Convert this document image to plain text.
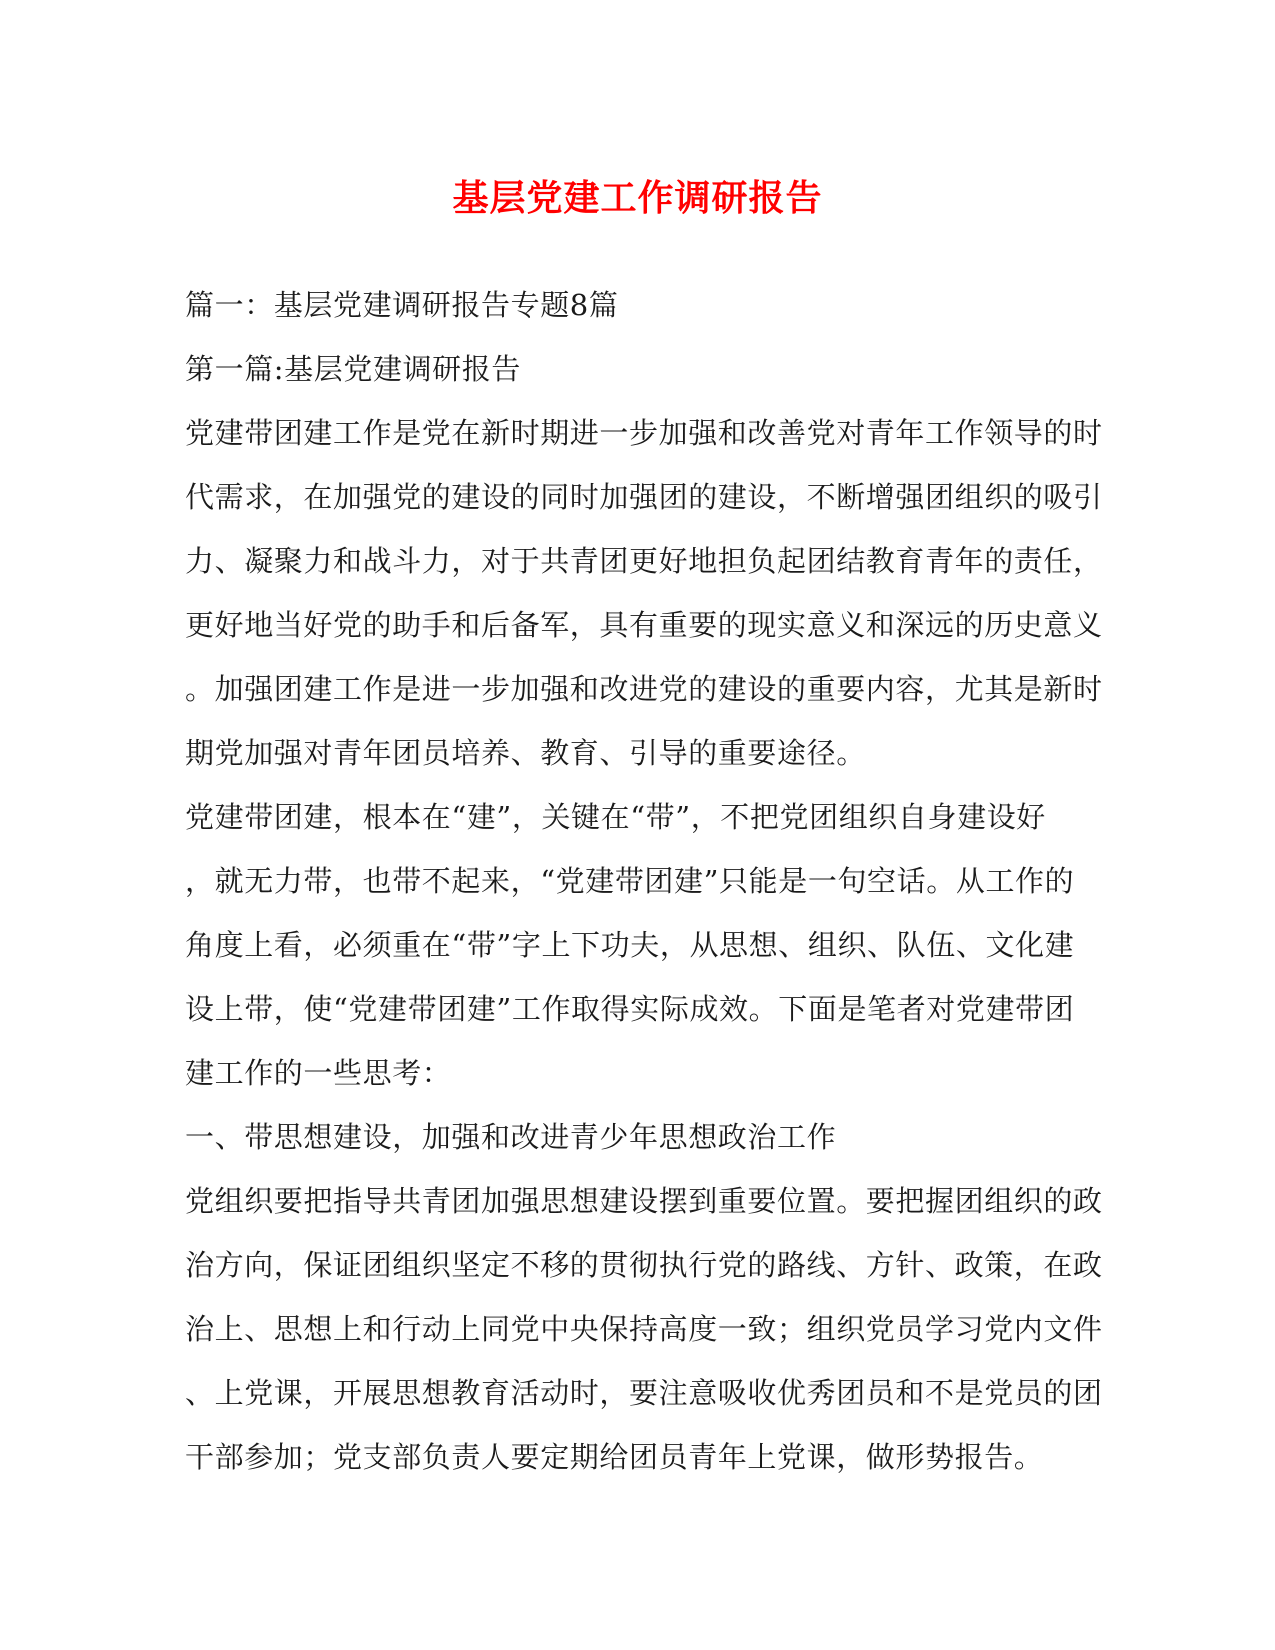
基层党建工作调研报告
篇一：基层党建调研报告专题8篇
第一篇:基层党建调研报告
党建带团建工作是党在新时期进一步加强和改善党对青年工作领导的时
代需求，在加强党的建设的同时加强团的建设，不断增强团组织的吸引
力、凝聚力和战斗力，对于共青团更好地担负起团结教育青年的责任，
更好地当好党的助手和后备军，具有重要的现实意义和深远的历史意义
。加强团建工作是进一步加强和改进党的建设的重要内容，尤其是新时
期党加强对青年团员培养、教育、引导的重要途径。
党建带团建，根本在“建”，关键在“带”，不把党团组织自身建设好
，就无力带，也带不起来，“党建带团建”只能是一句空话。从工作的
角度上看，必须重在“带”字上下功夫，从思想、组织、队伍、文化建
设上带，使“党建带团建”工作取得实际成效。下面是笔者对党建带团
建工作的一些思考：
一、带思想建设，加强和改进青少年思想政治工作
党组织要把指导共青团加强思想建设摆到重要位置。要把握团组织的政
治方向，保证团组织坚定不移的贯彻执行党的路线、方针、政策，在政
治上、思想上和行动上同党中央保持高度一致；组织党员学习党内文件
、上党课，开展思想教育活动时，要注意吸收优秀团员和不是党员的团
干部参加；党支部负责人要定期给团员青年上党课，做形势报告。
